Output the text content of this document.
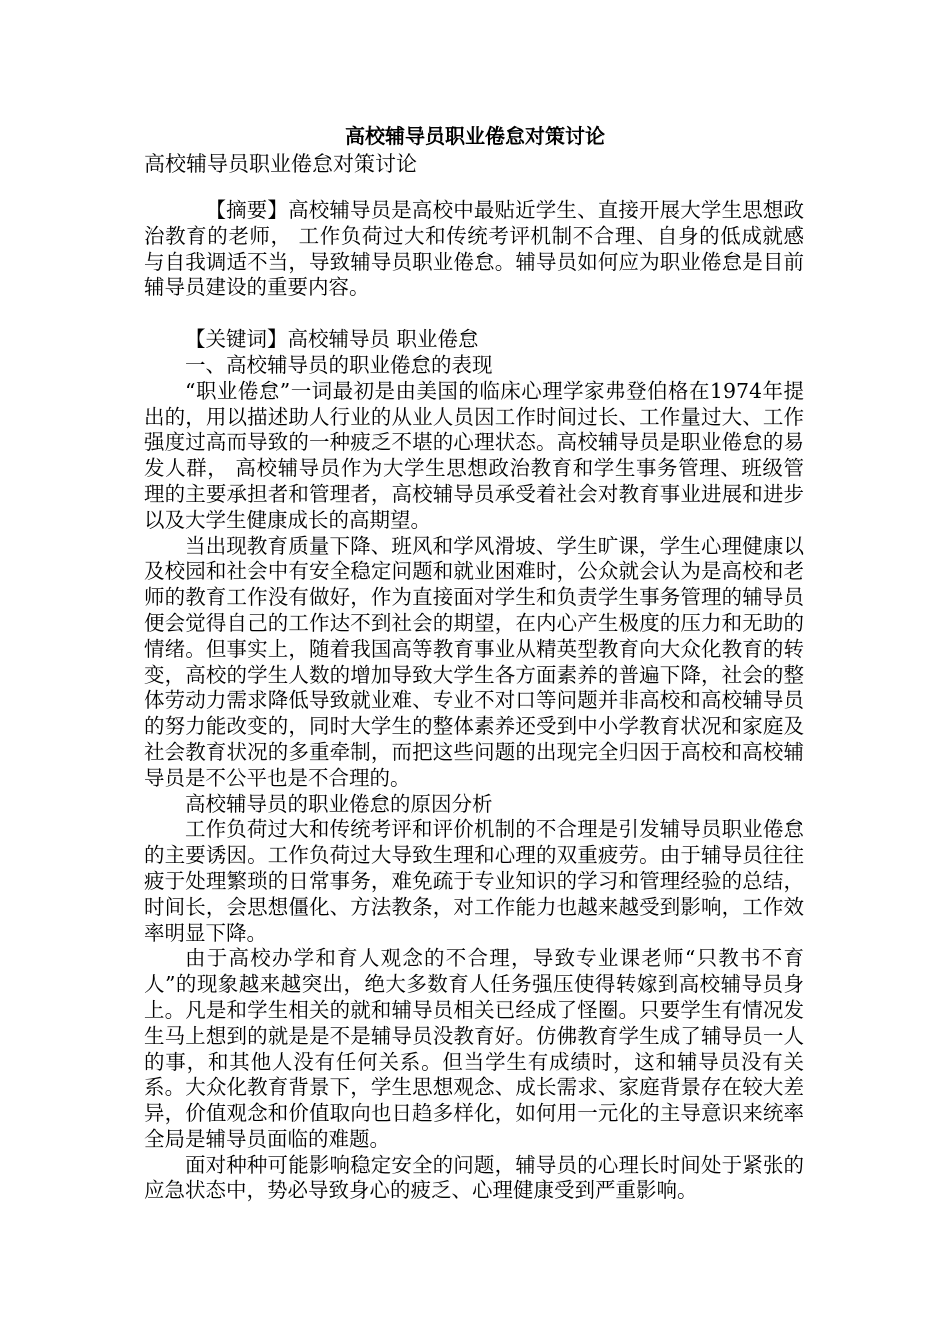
高校辅导员职业倦怠对策讨论
高校辅导员职业倦怠对策讨论

【摘要】高校辅导员是高校中最贴近学生、直接开展大学生思想政治教育的老师， 工作负荷过大和传统考评机制不合理、自身的低成就感与自我调适不当，导致辅导员职业倦怠。辅导员如何应为职业倦怠是目前辅导员建设的重要内容。

【关键词】高校辅导员 职业倦怠

一、高校辅导员的职业倦怠的表现

“职业倦怠”一词最初是由美国的临床心理学家弗登伯格在1974年提出的，用以描述助人行业的从业人员因工作时间过长、工作量过大、工作强度过高而导致的一种疲乏不堪的心理状态。高校辅导员是职业倦怠的易发人群， 高校辅导员作为大学生思想政治教育和学生事务管理、班级管理的主要承担者和管理者，高校辅导员承受着社会对教育事业进展和进步以及大学生健康成长的高期望。

当出现教育质量下降、班风和学风滑坡、学生旷课，学生心理健康以及校园和社会中有安全稳定问题和就业困难时，公众就会认为是高校和老师的教育工作没有做好，作为直接面对学生和负责学生事务管理的辅导员便会觉得自己的工作达不到社会的期望，在内心产生极度的压力和无助的情绪。但事实上，随着我国高等教育事业从精英型教育向大众化教育的转变，高校的学生人数的增加导致大学生各方面素养的普遍下降，社会的整体劳动力需求降低导致就业难、专业不对口等问题并非高校和高校辅导员的努力能改变的，同时大学生的整体素养还受到中小学教育状况和家庭及社会教育状况的多重牵制，而把这些问题的出现完全归因于高校和高校辅导员是不公平也是不合理的。

高校辅导员的职业倦怠的原因分析

工作负荷过大和传统考评和评价机制的不合理是引发辅导员职业倦怠的主要诱因。工作负荷过大导致生理和心理的双重疲劳。由于辅导员往往疲于处理繁琐的日常事务，难免疏于专业知识的学习和管理经验的总结，时间长，会思想僵化、方法教条，对工作能力也越来越受到影响，工作效率明显下降。

由于高校办学和育人观念的不合理，导致专业课老师“只教书不育人”的现象越来越突出，绝大多数育人任务强压使得转嫁到高校辅导员身上。凡是和学生相关的就和辅导员相关已经成了怪圈。只要学生有情况发生马上想到的就是是不是辅导员没教育好。仿佛教育学生成了辅导员一人的事，和其他人没有任何关系。但当学生有成绩时，这和辅导员没有关系。大众化教育背景下，学生思想观念、成长需求、家庭背景存在较大差异，价值观念和价值取向也日趋多样化，如何用一元化的主导意识来统率全局是辅导员面临的难题。

面对种种可能影响稳定安全的问题，辅导员的心理长时间处于紧张的应急状态中，势必导致身心的疲乏、心理健康受到严重影响。
